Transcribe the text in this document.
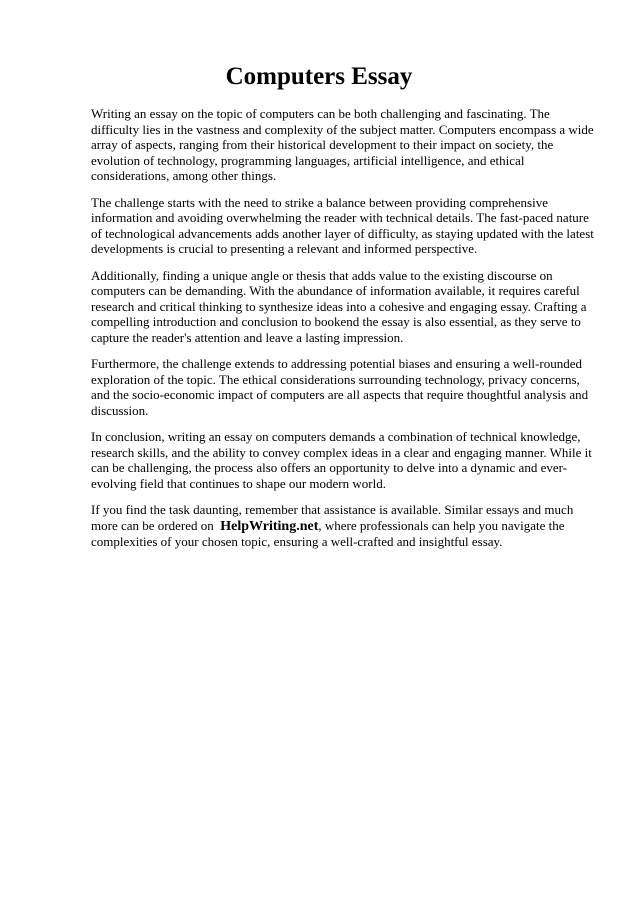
Computers Essay

Writing an essay on the topic of computers can be both challenging and fascinating. The difficulty lies in the vastness and complexity of the subject matter. Computers encompass a wide array of aspects, ranging from their historical development to their impact on society, the evolution of technology, programming languages, artificial intelligence, and ethical considerations, among other things.

The challenge starts with the need to strike a balance between providing comprehensive information and avoiding overwhelming the reader with technical details. The fast-paced nature of technological advancements adds another layer of difficulty, as staying updated with the latest developments is crucial to presenting a relevant and informed perspective.

Additionally, finding a unique angle or thesis that adds value to the existing discourse on computers can be demanding. With the abundance of information available, it requires careful research and critical thinking to synthesize ideas into a cohesive and engaging essay. Crafting a compelling introduction and conclusion to bookend the essay is also essential, as they serve to capture the reader's attention and leave a lasting impression.

Furthermore, the challenge extends to addressing potential biases and ensuring a well-rounded exploration of the topic. The ethical considerations surrounding technology, privacy concerns, and the socio-economic impact of computers are all aspects that require thoughtful analysis and discussion.

In conclusion, writing an essay on computers demands a combination of technical knowledge, research skills, and the ability to convey complex ideas in a clear and engaging manner. While it can be challenging, the process also offers an opportunity to delve into a dynamic and ever-evolving field that continues to shape our modern world.

If you find the task daunting, remember that assistance is available. Similar essays and much more can be ordered on  HelpWriting.net, where professionals can help you navigate the complexities of your chosen topic, ensuring a well-crafted and insightful essay.
